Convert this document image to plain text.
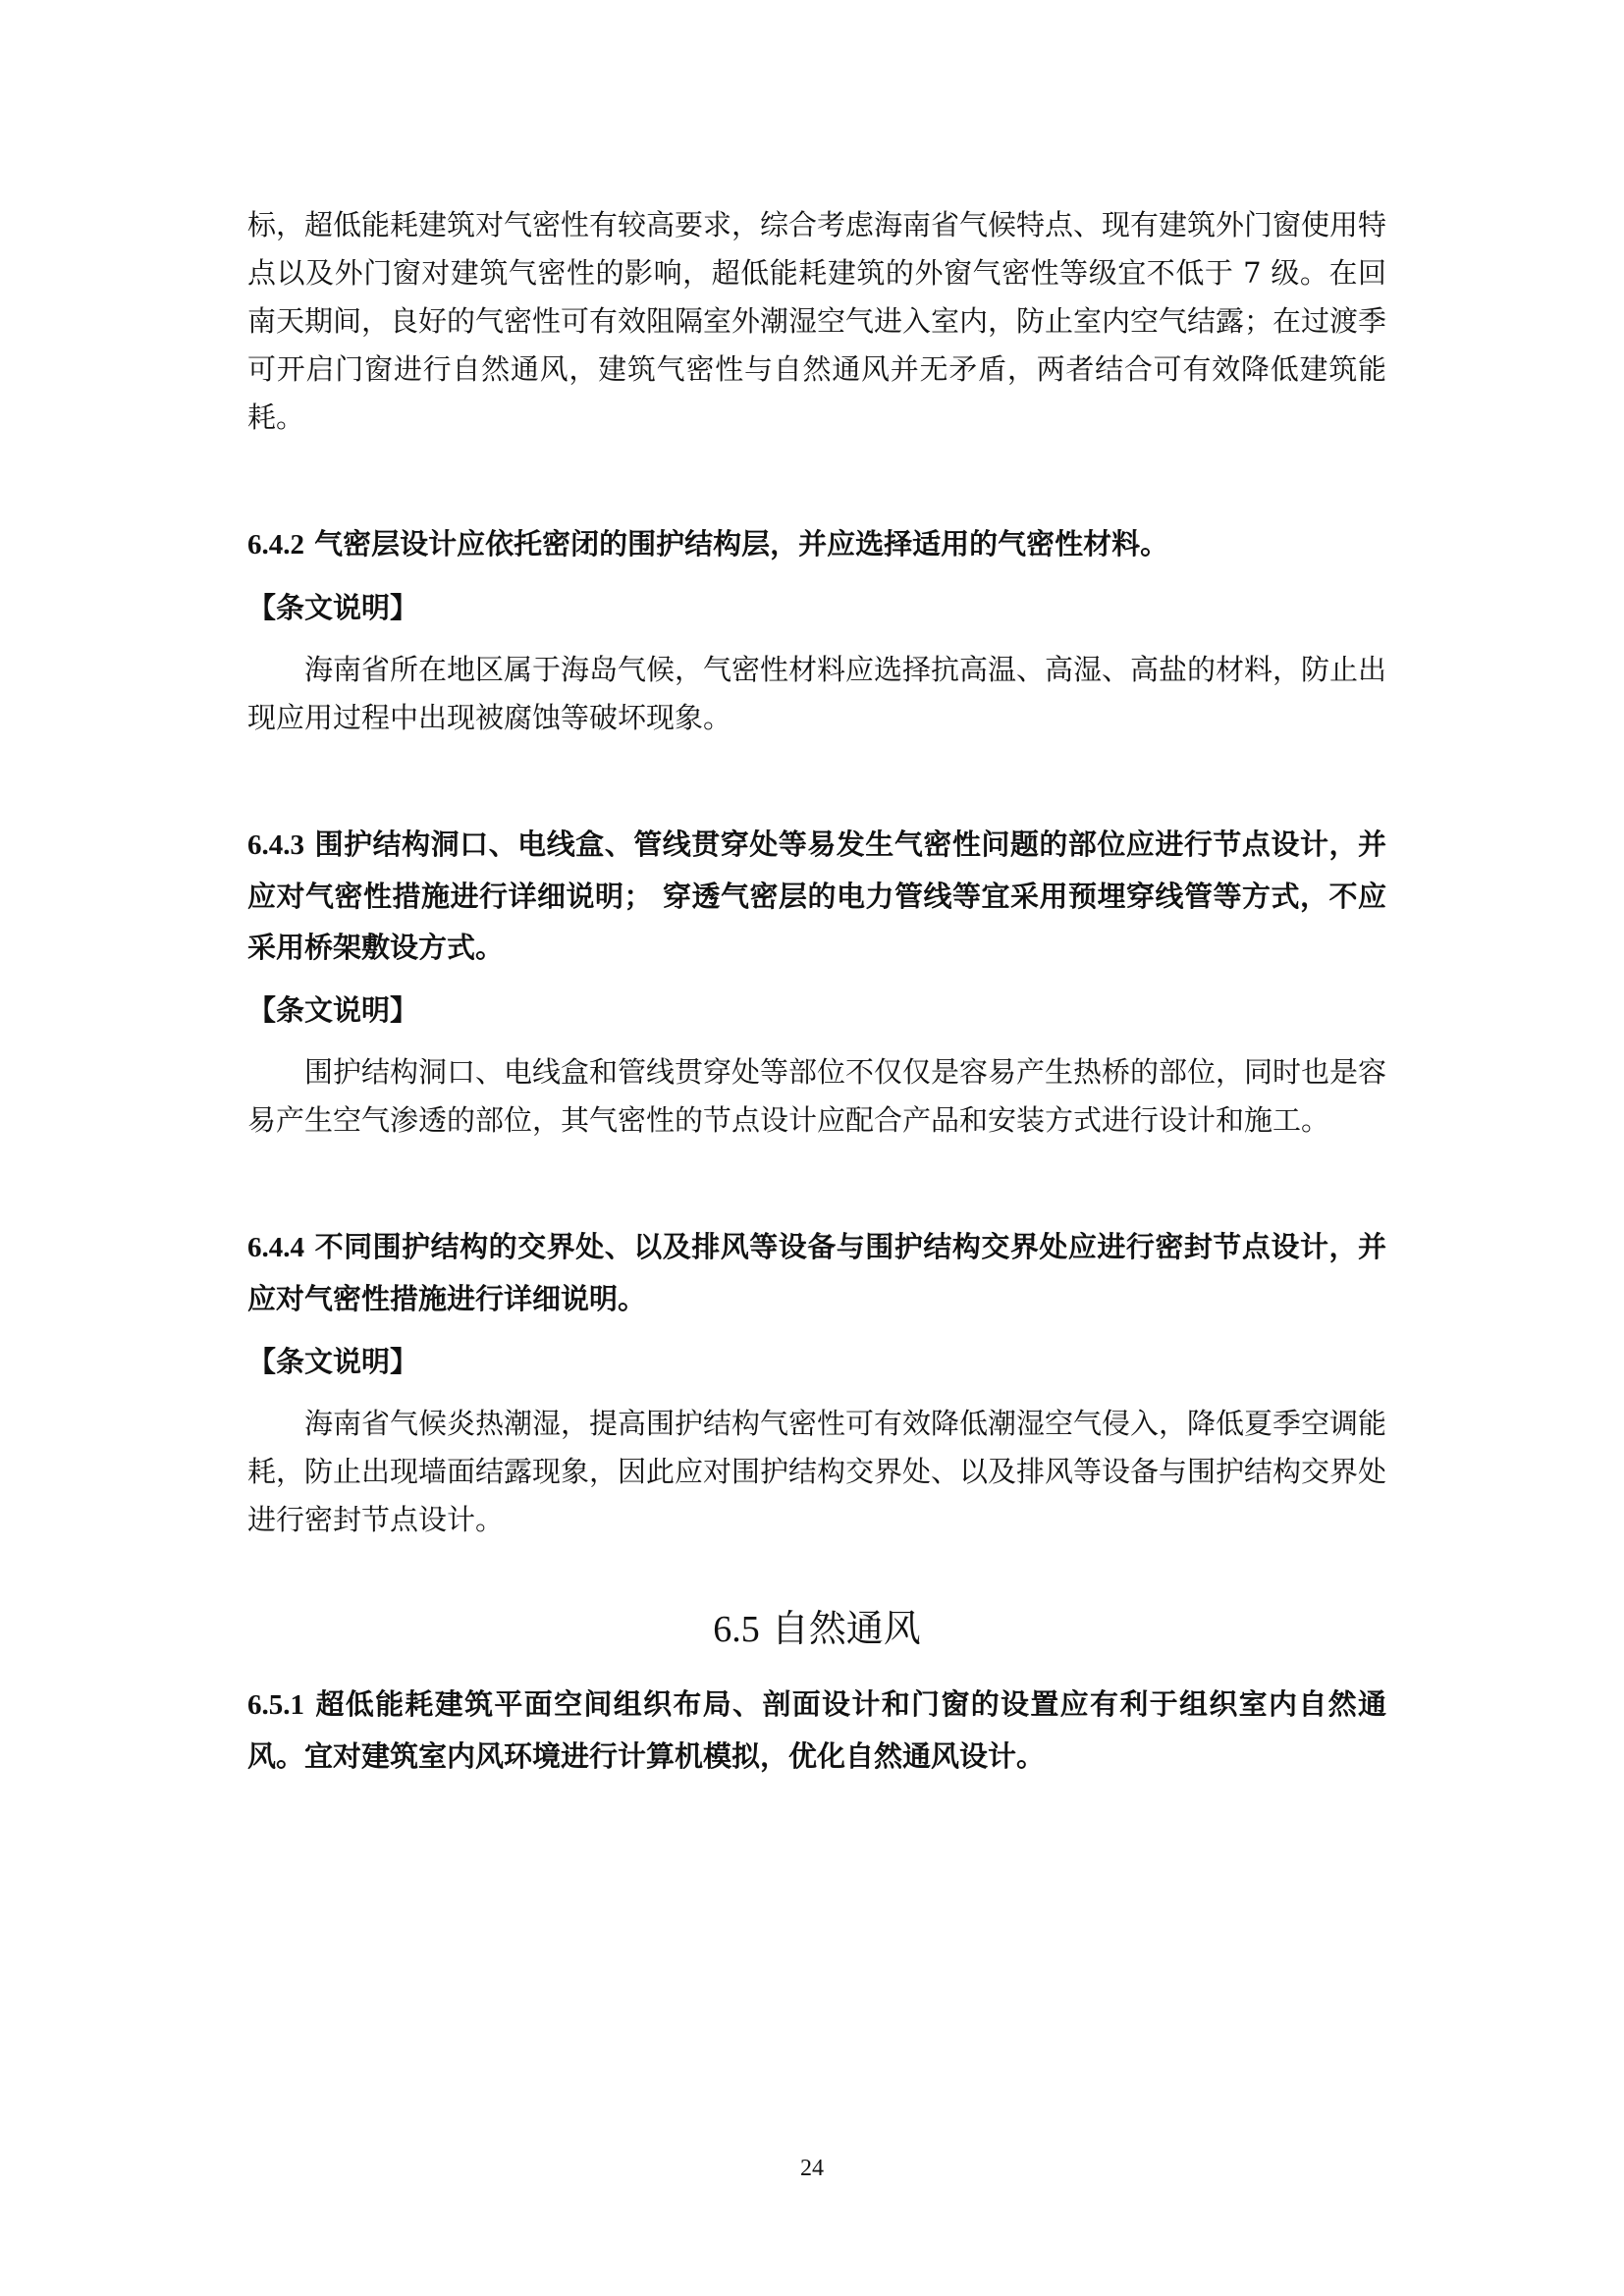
标，超低能耗建筑对气密性有较高要求，综合考虑海南省气候特点、现有建筑外门窗使用特点以及外门窗对建筑气密性的影响，超低能耗建筑的外窗气密性等级宜不低于 7 级。在回南天期间，良好的气密性可有效阻隔室外潮湿空气进入室内，防止室内空气结露；在过渡季可开启门窗进行自然通风，建筑气密性与自然通风并无矛盾，两者结合可有效降低建筑能耗。

6.4.2 气密层设计应依托密闭的围护结构层，并应选择适用的气密性材料。

【条文说明】

海南省所在地区属于海岛气候，气密性材料应选择抗高温、高湿、高盐的材料，防止出现应用过程中出现被腐蚀等破坏现象。

6.4.3 围护结构洞口、电线盒、管线贯穿处等易发生气密性问题的部位应进行节点设计，并应对气密性措施进行详细说明； 穿透气密层的电力管线等宜采用预埋穿线管等方式，不应采用桥架敷设方式。

【条文说明】

围护结构洞口、电线盒和管线贯穿处等部位不仅仅是容易产生热桥的部位，同时也是容易产生空气渗透的部位，其气密性的节点设计应配合产品和安装方式进行设计和施工。

6.4.4 不同围护结构的交界处、以及排风等设备与围护结构交界处应进行密封节点设计，并应对气密性措施进行详细说明。

【条文说明】

海南省气候炎热潮湿，提高围护结构气密性可有效降低潮湿空气侵入，降低夏季空调能耗，防止出现墙面结露现象，因此应对围护结构交界处、以及排风等设备与围护结构交界处进行密封节点设计。

6.5 自然通风

6.5.1 超低能耗建筑平面空间组织布局、剖面设计和门窗的设置应有利于组织室内自然通风。宜对建筑室内风环境进行计算机模拟，优化自然通风设计。

24
